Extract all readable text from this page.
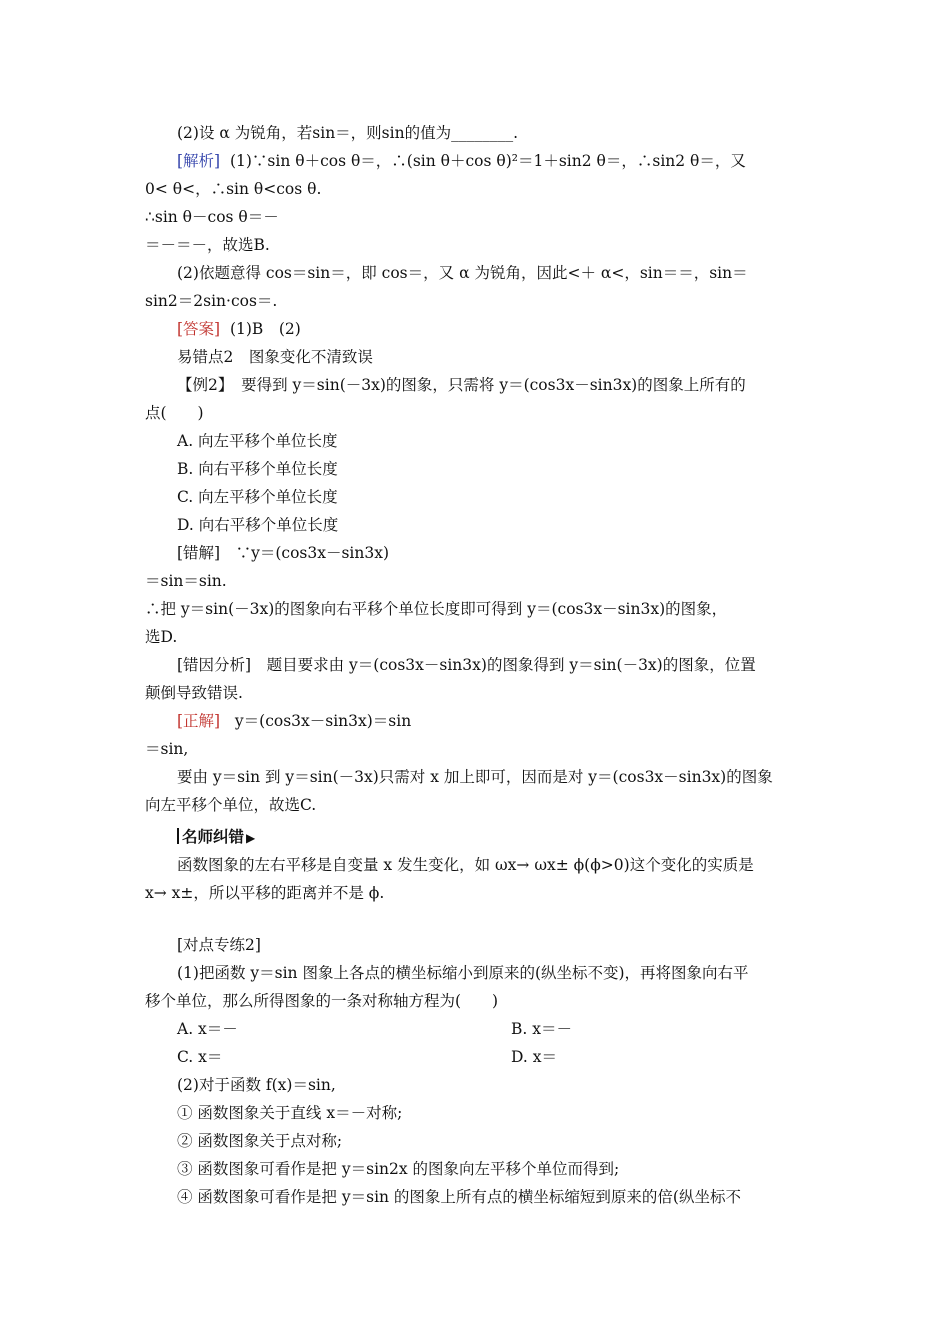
(2)设 α 为锐角，若sin＝，则sin的值为________.
[解析] (1)∵sin θ＋cos θ＝，∴(sin θ＋cos θ)²＝1＋sin2 θ＝，∴sin2 θ＝，又
0< θ<，∴sin θ<cos θ.
∴sin θ－cos θ＝－
＝－＝－，故选B.
(2)依题意得 cos＝sin＝，即 cos＝，又 α 为锐角，因此<＋ α<，sin＝＝，sin＝
sin2＝2sin·cos＝.
[答案] (1)B　(2)
易错点2　图象变化不清致误
【例2】　要得到 y＝sin(－3x)的图象，只需将 y＝(cos3x－sin3x)的图象上所有的
点(　　)
A. 向左平移个单位长度
B. 向右平移个单位长度
C. 向左平移个单位长度
D. 向右平移个单位长度
[错解]　∵y＝(cos3x－sin3x)
＝sin＝sin.
∴把 y＝sin(－3x)的图象向右平移个单位长度即可得到 y＝(cos3x－sin3x)的图象，
选D.
[错因分析]　题目要求由 y＝(cos3x－sin3x)的图象得到 y＝sin(－3x)的图象，位置
颠倒导致错误.
[正解] y＝(cos3x－sin3x)＝sin
＝sin,
要由 y＝sin 到 y＝sin(－3x)只需对 x 加上即可，因而是对 y＝(cos3x－sin3x)的图象
向左平移个单位，故选C.
名师纠错 ▶
函数图象的左右平移是自变量 x 发生变化，如 ωx→ ωx± ϕ(ϕ>0)这个变化的实质是
x→ x±，所以平移的距离并不是 ϕ.
[对点专练2]
(1)把函数 y＝sin 图象上各点的横坐标缩小到原来的(纵坐标不变)，再将图象向右平
移个单位，那么所得图象的一条对称轴方程为(　　)
A. x＝－	B. x＝－
C. x＝	D. x＝
(2)对于函数 f(x)＝sin,
① 函数图象关于直线 x＝－对称;
② 函数图象关于点对称;
③ 函数图象可看作是把 y＝sin2x 的图象向左平移个单位而得到;
④ 函数图象可看作是把 y＝sin 的图象上所有点的横坐标缩短到原来的倍(纵坐标不
